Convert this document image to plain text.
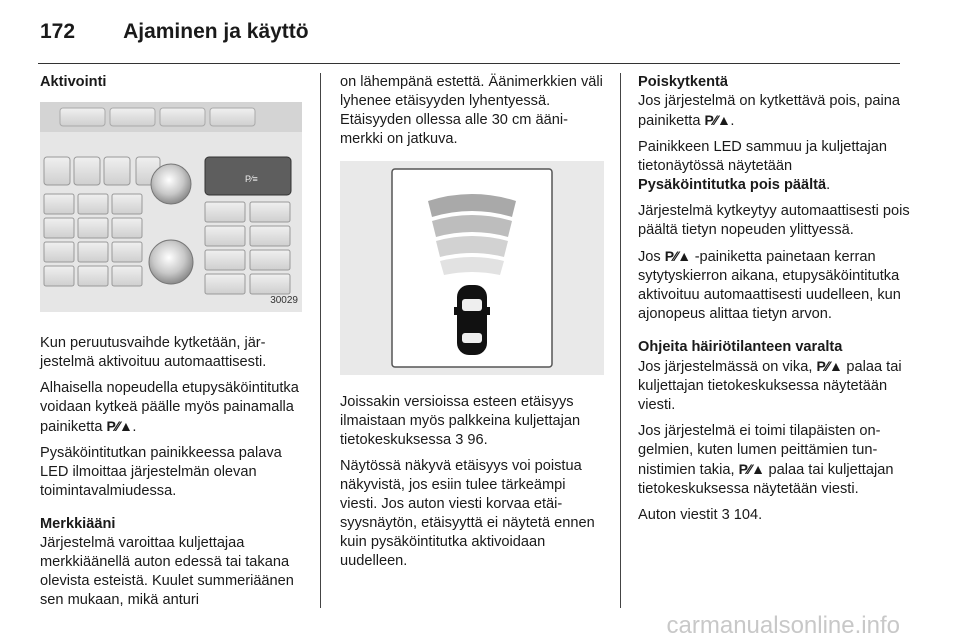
172 Ajaminen ja käyttö
Aktivointi
P⁄≡
30029

Kun peruutusvaihde kytketään, järjestelmä aktivoituu automaattisesti.

Alhaisella nopeudella etupysäköintitutka voidaan kytkeä päälle myös painamalla painiketta P⁄⁄▲.

Pysäköintitutkan painikkeessa palava LED ilmoittaa järjestelmän olevan toimintavalmiudessa.

Merkkiääni

Järjestelmä varoittaa kuljettajaa merkkiäänellä auton edessä tai takana olevista esteistä. Kuulet summeriäänen sen mukaan, mikä anturi

on lähempänä estettä. Äänimerkkien väli lyhenee etäisyyden lyhentyessä. Etäisyyden ollessa alle 30 cm äänimerkki on jatkuva.

Joissakin versioissa esteen etäisyys ilmaistaan myös palkkeina kuljettajan tietokeskuksessa 3 96.

Näytössä näkyvä etäisyys voi poistua näkyvistä, jos esiin tulee tärkeämpi viesti. Jos auton viesti korvaa etäisyysnäytön, etäisyyttä ei näytetä ennen kuin pysäköintitutka aktivoidaan uudelleen.

Poiskytkentä

Jos järjestelmä on kytkettävä pois, paina painiketta P⁄⁄▲.

Painikkeen LED sammuu ja kuljettajan tietonäytössä näytetään
Pysäköintitutka pois päältä.

Järjestelmä kytkeytyy automaattisesti pois päältä tietyn nopeuden ylittyessä.

Jos P⁄⁄▲ -painiketta painetaan kerran sytytyskierron aikana, etupysäköintitutka aktivoituu automaattisesti uudelleen, kun ajonopeus alittaa tietyn arvon.

Ohjeita häiriötilanteen varalta

Jos järjestelmässä on vika, P⁄⁄▲ palaa tai kuljettajan tietokeskuksessa näytetään viesti.

Jos järjestelmä ei toimi tilapäisten ongelmien, kuten lumen peittämien tunnistimien takia, P⁄⁄▲ palaa tai kuljettajan tietokeskuksessa näytetään viesti.

Auton viestit 3 104.

carmanualsonline.info
